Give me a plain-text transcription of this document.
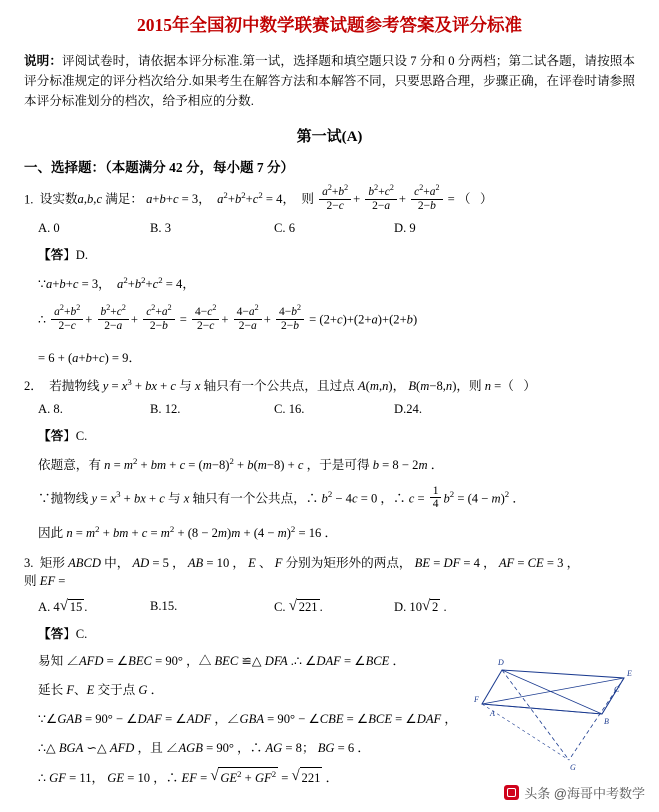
2015年全国初中数学联赛试题参考答案及评分标准
说明：评阅试卷时，请依据本评分标准.第一试，选择题和填空题只设 7 分和 0 分两档；第二试各题，请按照本评分标准规定的评分档次给分.如果考生在解答方法和本解答不同，只要思路合理，步骤正确，在评卷时请参照本评分标准划分的档次，给予相应的分数.
第一试(A)
一、选择题：（本题满分 42 分，每小题 7 分）
1.  设实数a,b,c 满足： a+b+c = 3，  $a^2+b^2+c^2 = 4$，  则 $\frac{a^2+b^2}{2-c} + \frac{b^2+c^2}{2-a} + \frac{c^2+a^2}{2-b}$ = （   ）
A. 0	B. 3	C. 6	D. 9
【答】D.
∵a+b+c = 3，  $a^2+b^2+c^2 = 4$，
∴ $\frac{a^2+b^2}{2-c} + \frac{b^2+c^2}{2-a} + \frac{c^2+a^2}{2-b} = \frac{4-c^2}{2-c} + \frac{4-a^2}{2-a} + \frac{4-b^2}{2-b} = (2+c)+(2+a)+(2+b)$
= 6 + (a+b+c) = 9．
2．  若抛物线 $y = x^3$ + bx + c 与 x 轴只有一个公共点，且过点 A(m,n)， B(m−8,n)，则 n =（   ）
A. 8.	B. 12.	C. 16.	D.24.
【答】C.
依题意，有 $n = m^2$ + bm + $c = (m-8)^2 + b(m-8) + c$ ，于是可得 b = 8 − 2m ．
∵抛物线 $y = x^3$ + bx + c 与 x 轴只有一个公共点，∴ $b^2 - 4c = 0$ ，∴ $c = \frac{1}{4} b^2 = (4 - m)^2$ ．
因此 $n = m^2$ + bm + $c = m^2 + (8 - 2m)m + (4 - m)^2 = 16$ ．
3.  矩形 ABCD 中， AD = 5 ， AB = 10 ， E 、 F 分别为矩形外的两点， BE = DF = 4 ， AF = CE = 3 ，
则 EF =
A. 4 √ 15 .	B.15.	C. √ 221 .	D. 10 √ 2 .
【答】C.
易知 ∠AFD = ∠BEC = 90° ，△ BEC ≌△ DFA .∴ ∠DAF = ∠BCE ．
延长 F、E 交于点 G ．
∵∠GAB = 90° − ∠DAF = ∠ADF ，∠GBA = 90° − ∠CBE = ∠BCE = ∠DAF ，
∴△ BGA ∽△ AFD ，且 ∠AGB = 90° ，∴ AG = 8； BG = 6 ．
∴ GF = 11， GE = 10 ，∴ EF = √ $GE^2 + GF^2$ = √ 221 ．
D
F
E
B
A
G
C
头条 @海哥中考数学
